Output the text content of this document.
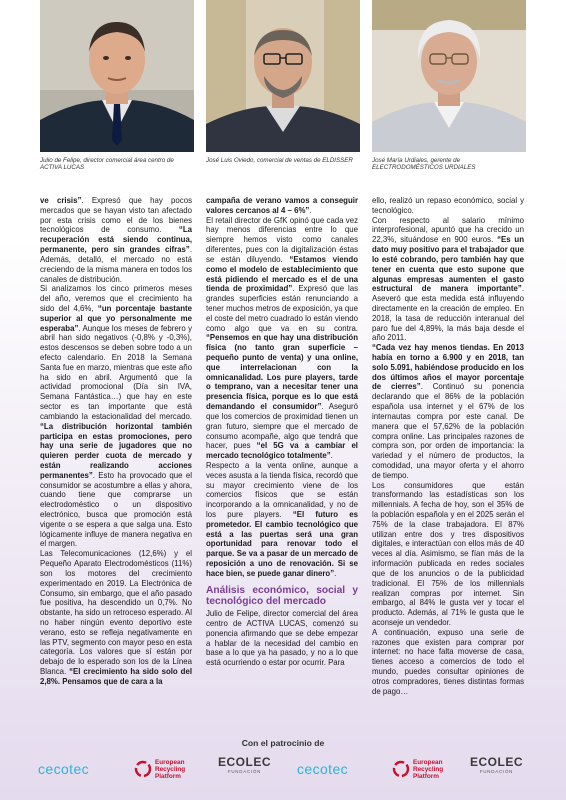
Julio de Felipe, director comercial área centro de ACTIVA LUCAS
José Luis Oviedo, comercial de ventas de ELDISSER	José María Urdiales, gerente de ELECTRODOMÉSTICOS URDIALES

ve crisis”. Expresó que hay pocos mercados que se hayan visto tan afectado por esta crisis como el de los bienes tecnológicos de consumo. “La recuperación está siendo continua, permanente, pero sin grandes cifras”. Además, detalló, el mercado no está creciendo de la misma manera en todos los canales de distribución.

Si analizamos los cinco primeros meses del año, veremos que el crecimiento ha sido del 4,6%, “un porcentaje bastante superior al que yo personalmente me esperaba”. Aunque los meses de febrero y abril han sido negativos (-0,8% y -0,3%), estos descensos se deben sobre todo a un efecto calendario. En 2018 la Semana Santa fue en marzo, mientras que este año ha sido en abril. Argumentó que la actividad promocional (Día sin IVA, Semana Fantástica…) que hay en este sector es tan importante que está cambiando la estacionalidad del mercado. “La distribución horizontal también participa en estas promociones, pero hay una serie de jugadores que no quieren perder cuota de mercado y están realizando acciones permanentes”. Esto ha provocado que el consumidor se acostumbre a ellas y ahora, cuando tiene que comprarse un electrodoméstico o un dispositivo electrónico, busca que promoción está vigente o se espera a que salga una. Esto lógicamente influye de manera negativa en el margen.

Las Telecomunicaciones (12,6%) y el Pequeño Aparato Electrodomésticos (11%) son los motores del crecimiento experimentado en 2019. La Electrónica de Consumo, sin embargo, que el año pasado fue positiva, ha descendido un 0,7%. No obstante, ha sido un retroceso esperado. Al no haber ningún evento deportivo este verano, esto se refleja negativamente en las PTV, segmento con mayor peso en esta categoría. Los valores que sí están por debajo de lo esperado son los de la Línea Blanca. “El crecimiento ha sido solo del 2,8%. Pensamos que de cara a la

campaña de verano vamos a conseguir valores cercanos al 4 – 6%”.

El retail director de GfK opinó que cada vez hay menos diferencias entre lo que siempre hemos visto como canales diferentes, pues con la digitalización éstas se están diluyendo. “Estamos viendo como el modelo de establecimiento que está pidiendo el mercado es el de una tienda de proximidad”. Expresó que las grandes superficies están renunciando a tener muchos metros de exposición, ya que el coste del metro cuadrado lo están viendo como algo que va en su contra. “Pensemos en que hay una distribución física (no tanto gran superficie – pequeño punto de venta) y una online, que interrelacionan con la omnicanalidad. Los pure players, tarde o temprano, van a necesitar tener una presencia física, porque es lo que está demandando el consumidor”. Aseguró que los comercios de proximidad tienen un gran futuro, siempre que el mercado de consumo acompañe, algo que tendrá que hacer, pues “el 5G va a cambiar el mercado tecnológico totalmente”.

Respecto a la venta online, aunque a veces asusta a la tienda física, recordó que su mayor crecimiento viene de los comercios físicos que se están incorporando a la omnicanalidad, y no de los pure players. “El futuro es prometedor. El cambio tecnológico que está a las puertas será una gran oportunidad para renovar todo el parque. Se va a pasar de un mercado de reposición a uno de renovación. Si se hace bien, se puede ganar dinero”.

Análisis económico, social y tecnológico del mercado

Julio de Felipe, director comercial del área centro de ACTIVA LUCAS, comenzó su ponencia afirmando que se debe empezar a hablar de la necesidad del cambio en base a lo que ya ha pasado, y no a lo que está ocurriendo o estar por ocurrir. Para

ello, realizó un repaso económico, social y tecnológico.

Con respecto al salario mínimo interprofesional, apuntó que ha crecido un 22,3%, situándose en 900 euros. “Es un dato muy positivo para el trabajador que lo esté cobrando, pero también hay que tener en cuenta que esto supone que algunas empresas aumenten el gasto estructural de manera importante”. Aseveró que esta medida está influyendo directamente en la creación de empleo. En 2018, la tasa de reducción interanual del paro fue del 4,89%, la más baja desde el año 2011.

“Cada vez hay menos tiendas. En 2013 había en torno a 6.900 y en 2018, tan solo 5.091, habiéndose producido en los dos últimos años el mayor porcentaje de cierres”. Continuó su ponencia declarando que el 86% de la población española usa internet y el 67% de los internautas compra por este canal. De manera que el 57,62% de la población compra online. Las principales razones de compra son, por orden de importancia: la variedad y el número de productos, la comodidad, una mayor oferta y el ahorro de tiempo.

Los consumidores que están transformando las estadísticas son los millennials. A fecha de hoy, son el 35% de la población española y en el 2025 serán el 75% de la clase trabajadora. El 87% utilizan entre dos y tres dispositivos digitales, e interactúan con ellos más de 40 veces al día. Asimismo, se fían más de la información publicada en redes sociales que de los anuncios o de la publicidad tradicional. El 75% de los millennials realizan compras por internet. Sin embargo, al 84% le gusta ver y tocar el producto. Además, al 71% le gusta que le aconseje un vendedor.

A continuación, expuso una serie de razones que existen para comprar por internet: no hace falta moverse de casa, tienes acceso a comercios de todo el mundo, puedes consultar opiniones de otros compradores, tienes distintas formas de pago…

Con el patrocinio de
cecotec	European
Recycling
Platform
ECOLEC
FUNDACIÓN	cecotec	European
Recycling
Platform
ECOLEC
FUNDACIÓN
